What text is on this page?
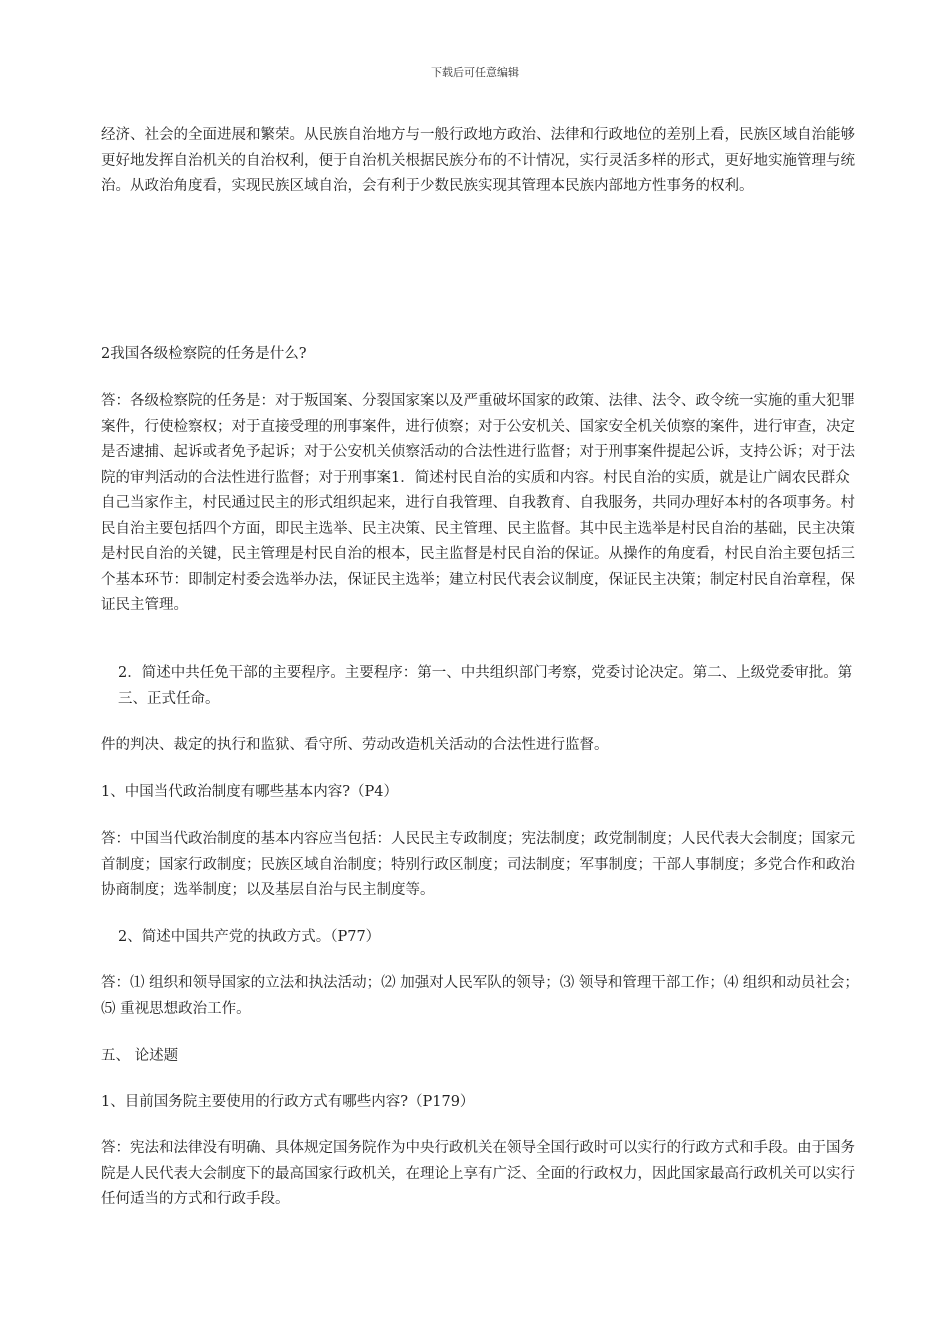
下载后可任意编辑

经济、社会的全面进展和繁荣。从民族自治地方与一般行政地方政治、法律和行政地位的差别上看，民族区域自治能够更好地发挥自治机关的自治权利，便于自治机关根据民族分布的不计情况，实行灵活多样的形式，更好地实施管理与统治。从政治角度看，实现民族区域自治，会有利于少数民族实现其管理本民族内部地方性事务的权利。

2我国各级检察院的任务是什么?

答：各级检察院的任务是：对于叛国案、分裂国家案以及严重破坏国家的政策、法律、法令、政令统一实施的重大犯罪案件，行使检察权；对于直接受理的刑事案件，进行侦察；对于公安机关、国家安全机关侦察的案件，进行审查，决定是否逮捕、起诉或者免予起诉；对于公安机关侦察活动的合法性进行监督；对于刑事案件提起公诉，支持公诉；对于法院的审判活动的合法性进行监督；对于刑事案1．简述村民自治的实质和内容。村民自治的实质，就是让广阔农民群众自己当家作主，村民通过民主的形式组织起来，进行自我管理、自我教育、自我服务，共同办理好本村的各项事务。村民自治主要包括四个方面，即民主选举、民主决策、民主管理、民主监督。其中民主选举是村民自治的基础，民主决策是村民自治的关键，民主管理是村民自治的根本，民主监督是村民自治的保证。从操作的角度看，村民自治主要包括三个基本环节：即制定村委会选举办法，保证民主选举；建立村民代表会议制度，保证民主决策；制定村民自治章程，保证民主管理。

2．简述中共任免干部的主要程序。主要程序：第一、中共组织部门考察，党委讨论决定。第二、上级党委审批。第三、正式任命。

件的判决、裁定的执行和监狱、看守所、劳动改造机关活动的合法性进行监督。

1、中国当代政治制度有哪些基本内容?（P4）

答：中国当代政治制度的基本内容应当包括：人民民主专政制度；宪法制度；政党制制度；人民代表大会制度；国家元首制度；国家行政制度；民族区域自治制度；特别行政区制度；司法制度；军事制度；干部人事制度；多党合作和政治协商制度；选举制度；以及基层自治与民主制度等。

2、简述中国共产党的执政方式。（P77）

答：⑴ 组织和领导国家的立法和执法活动；⑵ 加强对人民军队的领导；⑶ 领导和管理干部工作；⑷ 组织和动员社会；⑸ 重视思想政治工作。

五、 论述题

1、目前国务院主要使用的行政方式有哪些内容?（P179）

答：宪法和法律没有明确、具体规定国务院作为中央行政机关在领导全国行政时可以实行的行政方式和手段。由于国务院是人民代表大会制度下的最高国家行政机关，在理论上享有广泛、全面的行政权力，因此国家最高行政机关可以实行任何适当的方式和行政手段。
